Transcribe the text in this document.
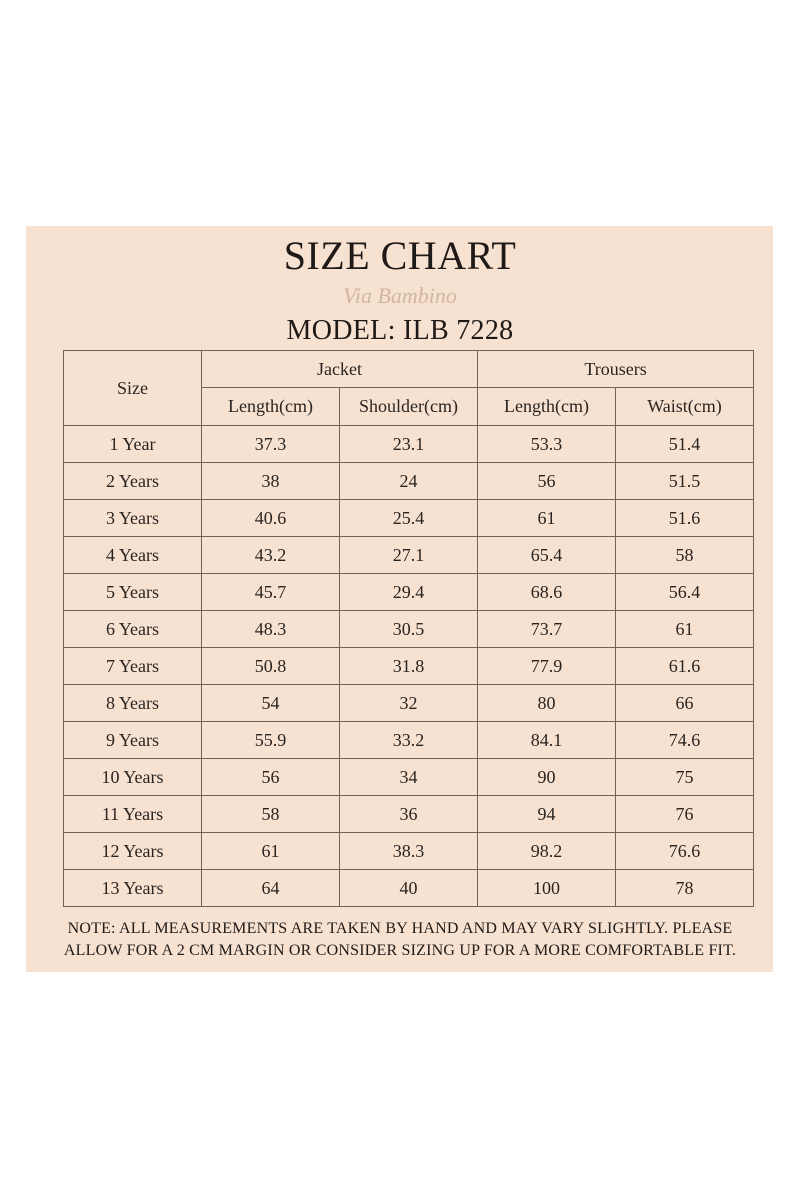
SIZE CHART
Via Bambino
MODEL: ILB 7228
Size	Jacket		Trousers	
	Length(cm)	Shoulder(cm)	Length(cm)	Waist(cm)
1 Year	37.3	23.1	53.3	51.4
2 Years	38	24	56	51.5
3 Years	40.6	25.4	61	51.6
4 Years	43.2	27.1	65.4	58
5 Years	45.7	29.4	68.6	56.4
6 Years	48.3	30.5	73.7	61
7 Years	50.8	31.8	77.9	61.6
8 Years	54	32	80	66
9 Years	55.9	33.2	84.1	74.6
10 Years	56	34	90	75
11 Years	58	36	94	76
12 Years	61	38.3	98.2	76.6
13 Years	64	40	100	78
NOTE: ALL MEASUREMENTS ARE TAKEN BY HAND AND MAY VARY SLIGHTLY. PLEASE
ALLOW FOR A 2 CM MARGIN OR CONSIDER SIZING UP FOR A MORE COMFORTABLE FIT.
